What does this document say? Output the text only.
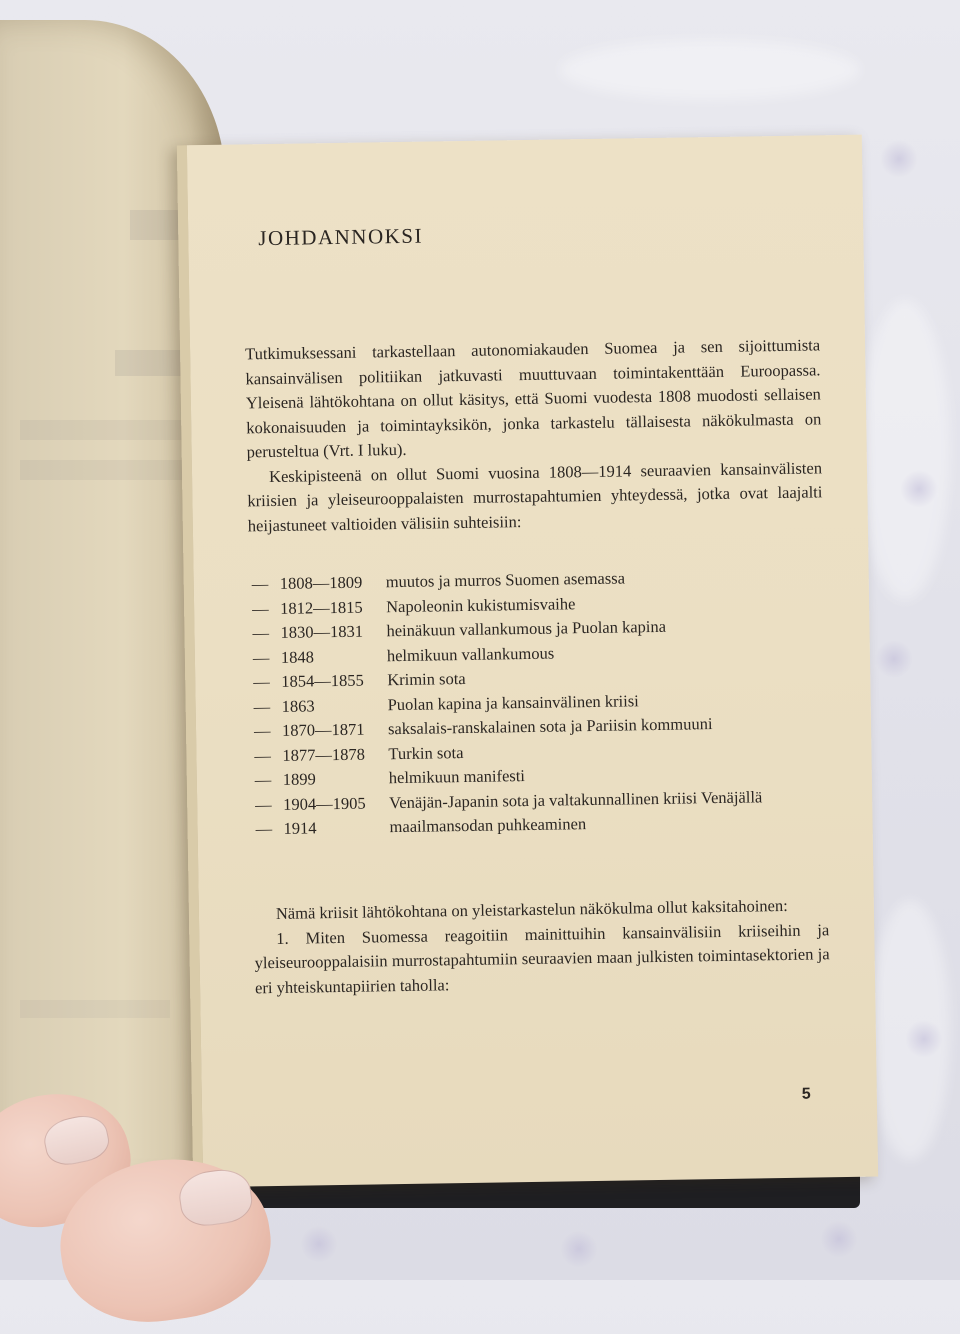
JOHDANNOKSI

Tutkimuksessani tarkastellaan autonomiakauden Suomea ja sen sijoittumista kansainvälisen politiikan jatkuvasti muuttuvaan toimintakenttään Euroopassa. Yleisenä lähtökohtana on ollut käsitys, että Suomi vuodesta 1808 muodosti sellaisen kokonaisuuden ja toimintayksikön, jonka tarkastelu tällaisesta näkökulmasta on perusteltua (Vrt. I luku).

Keskipisteenä on ollut Suomi vuosina 1808—1914 seuraavien kansainvälisten kriisien ja yleiseurooppalaisten murrostapahtumien yhteydessä, jotka ovat laajalti heijastuneet valtioiden välisiin suhteisiin:

— 1808—1809	muutos ja murros Suomen asemassa
— 1812—1815	Napoleonin kukistumisvaihe
— 1830—1831	heinäkuun vallankumous ja Puolan kapina
— 1848	helmikuun vallankumous
— 1854—1855	Krimin sota
— 1863	Puolan kapina ja kansainvälinen kriisi
— 1870—1871	saksalais-ranskalainen sota ja Pariisin kommuuni
— 1877—1878	Turkin sota
— 1899	helmikuun manifesti
— 1904—1905	Venäjän-Japanin sota ja valtakunnallinen kriisi Venäjällä
— 1914	maailmansodan puhkeaminen

Nämä kriisit lähtökohtana on yleistarkastelun näkökulma ollut kaksitahoinen:

1. Miten Suomessa reagoitiin mainittuihin kansainvälisiin kriiseihin ja yleiseurooppalaisiin murrostapahtumiin seuraavien maan julkisten toimintasektorien ja eri yhteiskuntapiirien taholla:

5
